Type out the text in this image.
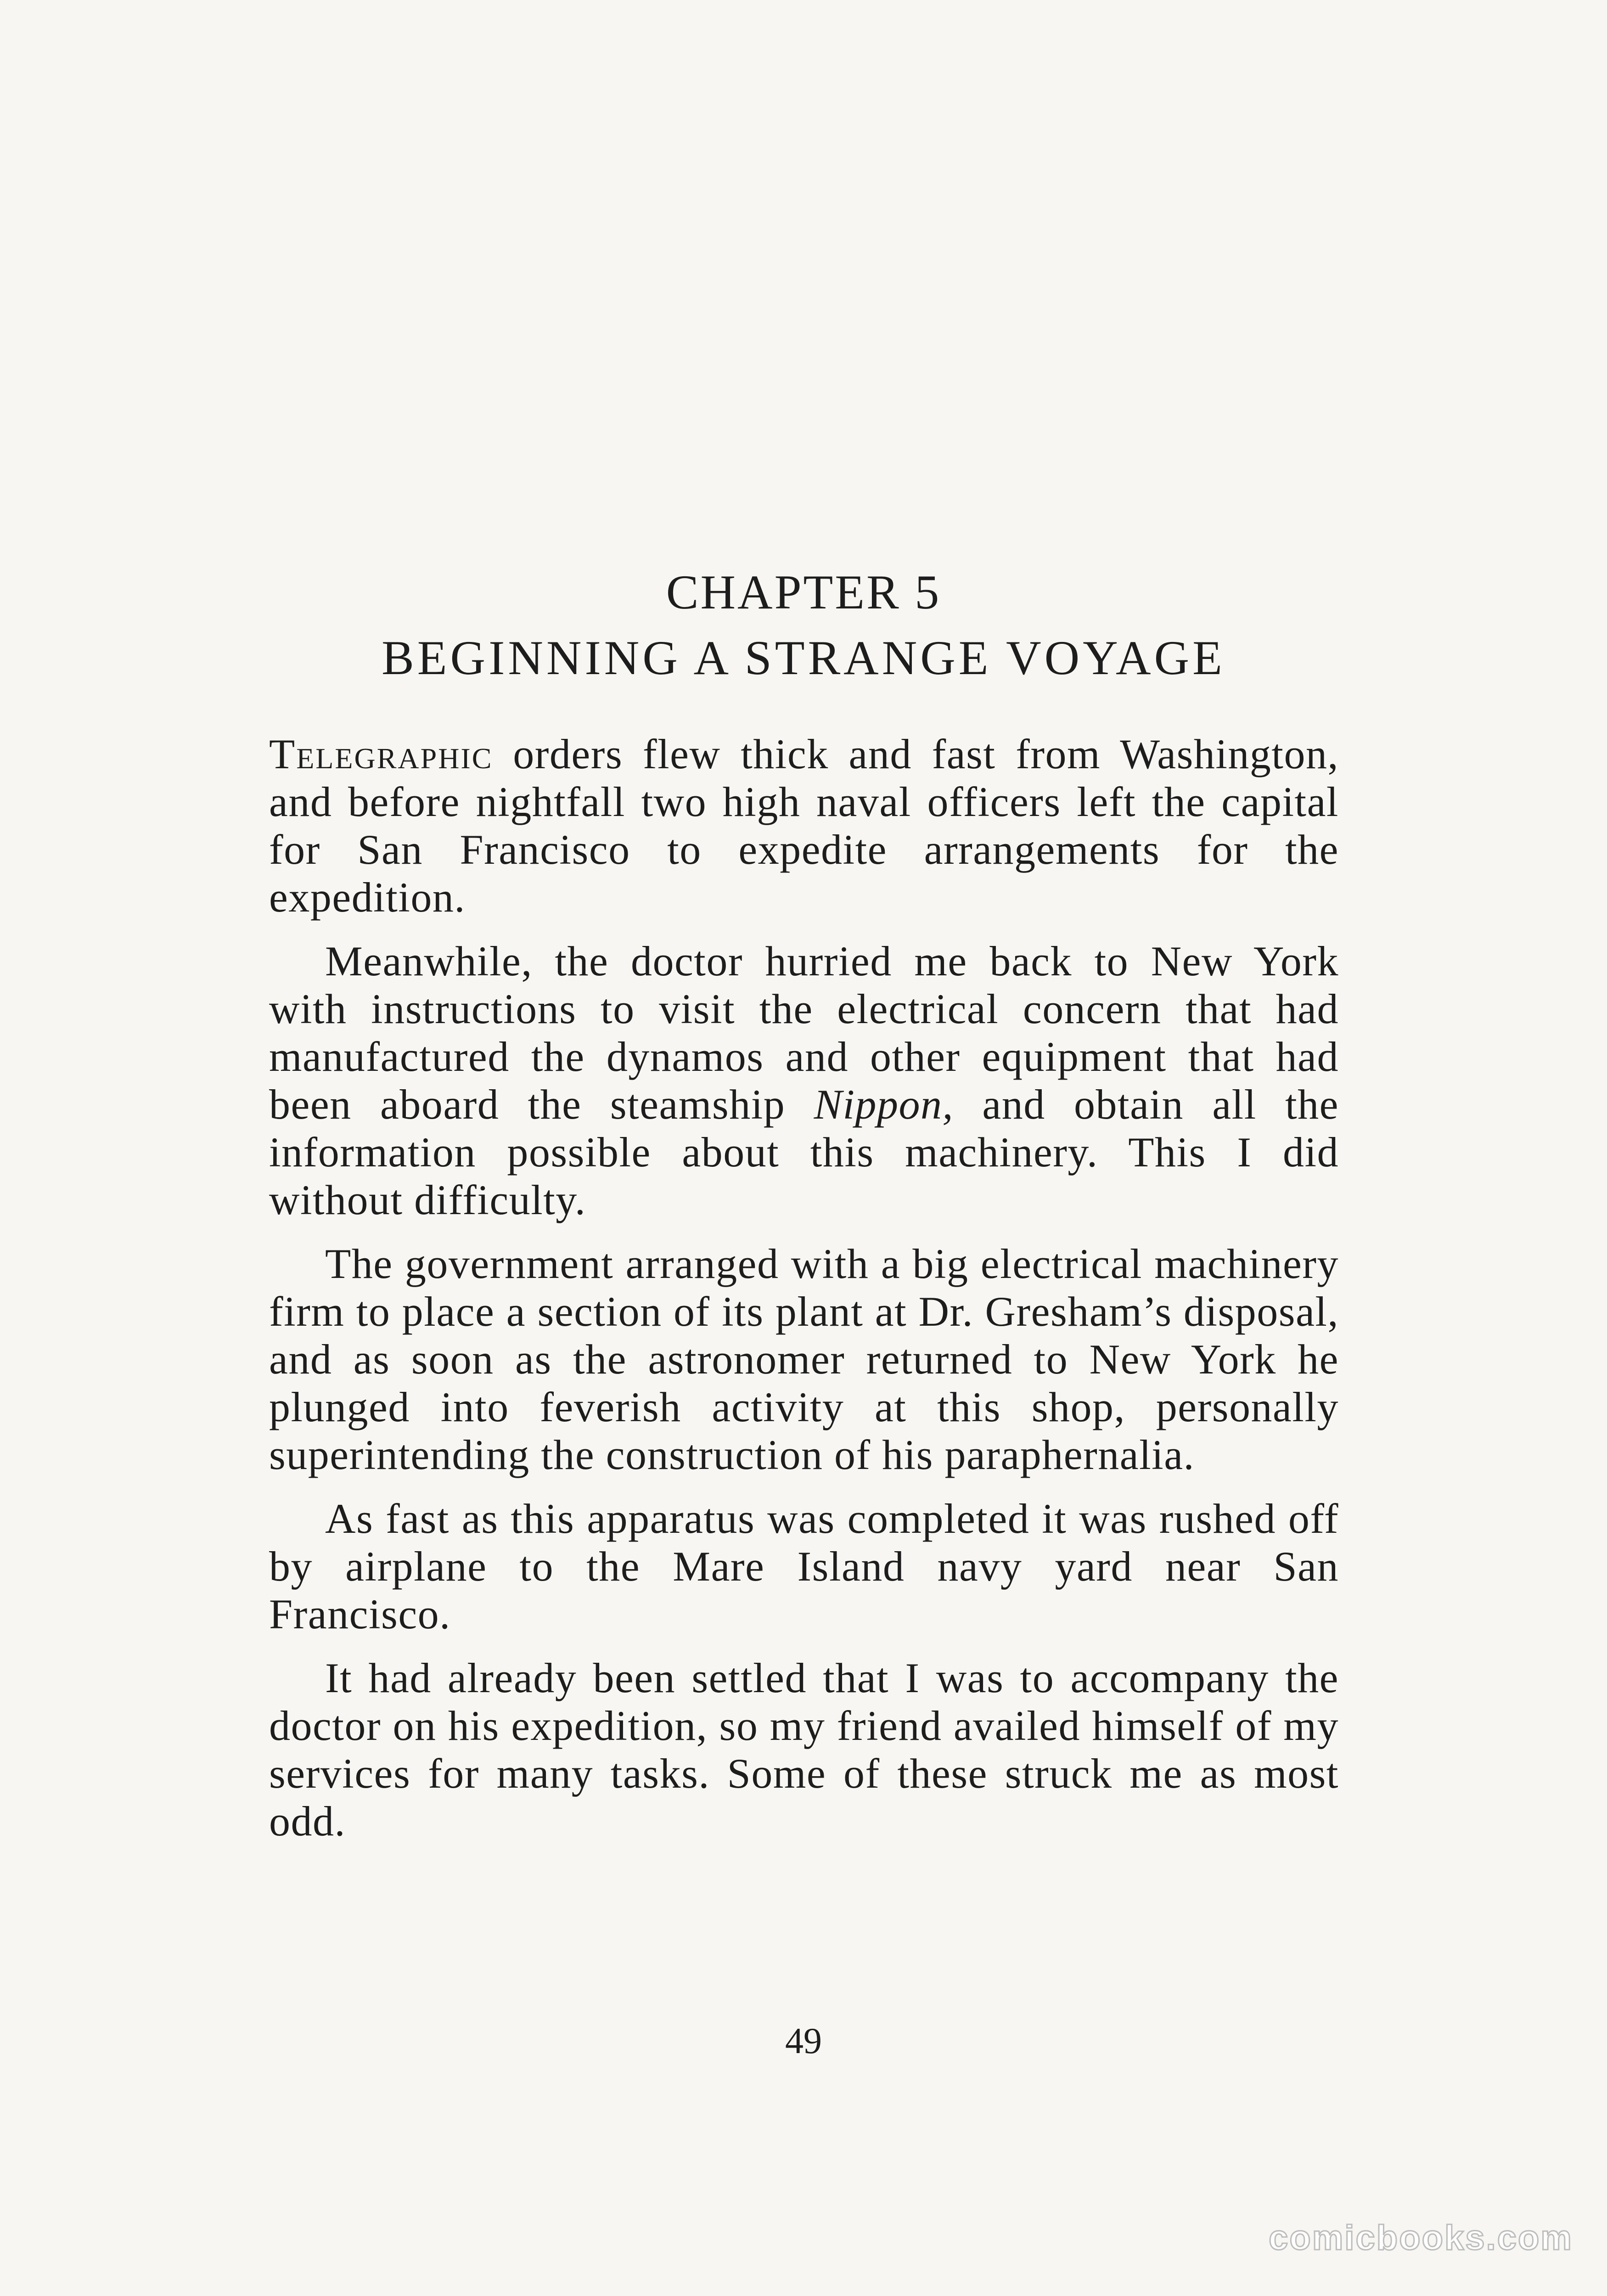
CHAPTER 5
BEGINNING A STRANGE VOYAGE

Telegraphic orders flew thick and fast from Washington, and before nightfall two high naval officers left the capital for San Francisco to expedite arrangements for the expedition.

Meanwhile, the doctor hurried me back to New York with instructions to visit the electrical concern that had manufactured the dynamos and other equipment that had been aboard the steamship Nippon, and obtain all the information possible about this machinery. This I did without difficulty.

The government arranged with a big electrical machinery firm to place a section of its plant at Dr. Gresham’s disposal, and as soon as the astronomer returned to New York he plunged into feverish activity at this shop, personally superintending the construction of his paraphernalia.

As fast as this apparatus was completed it was rushed off by airplane to the Mare Island navy yard near San Francisco.

It had already been settled that I was to accompany the doctor on his expedition, so my friend availed himself of my services for many tasks. Some of these struck me as most odd.

49
comicbooks.com
